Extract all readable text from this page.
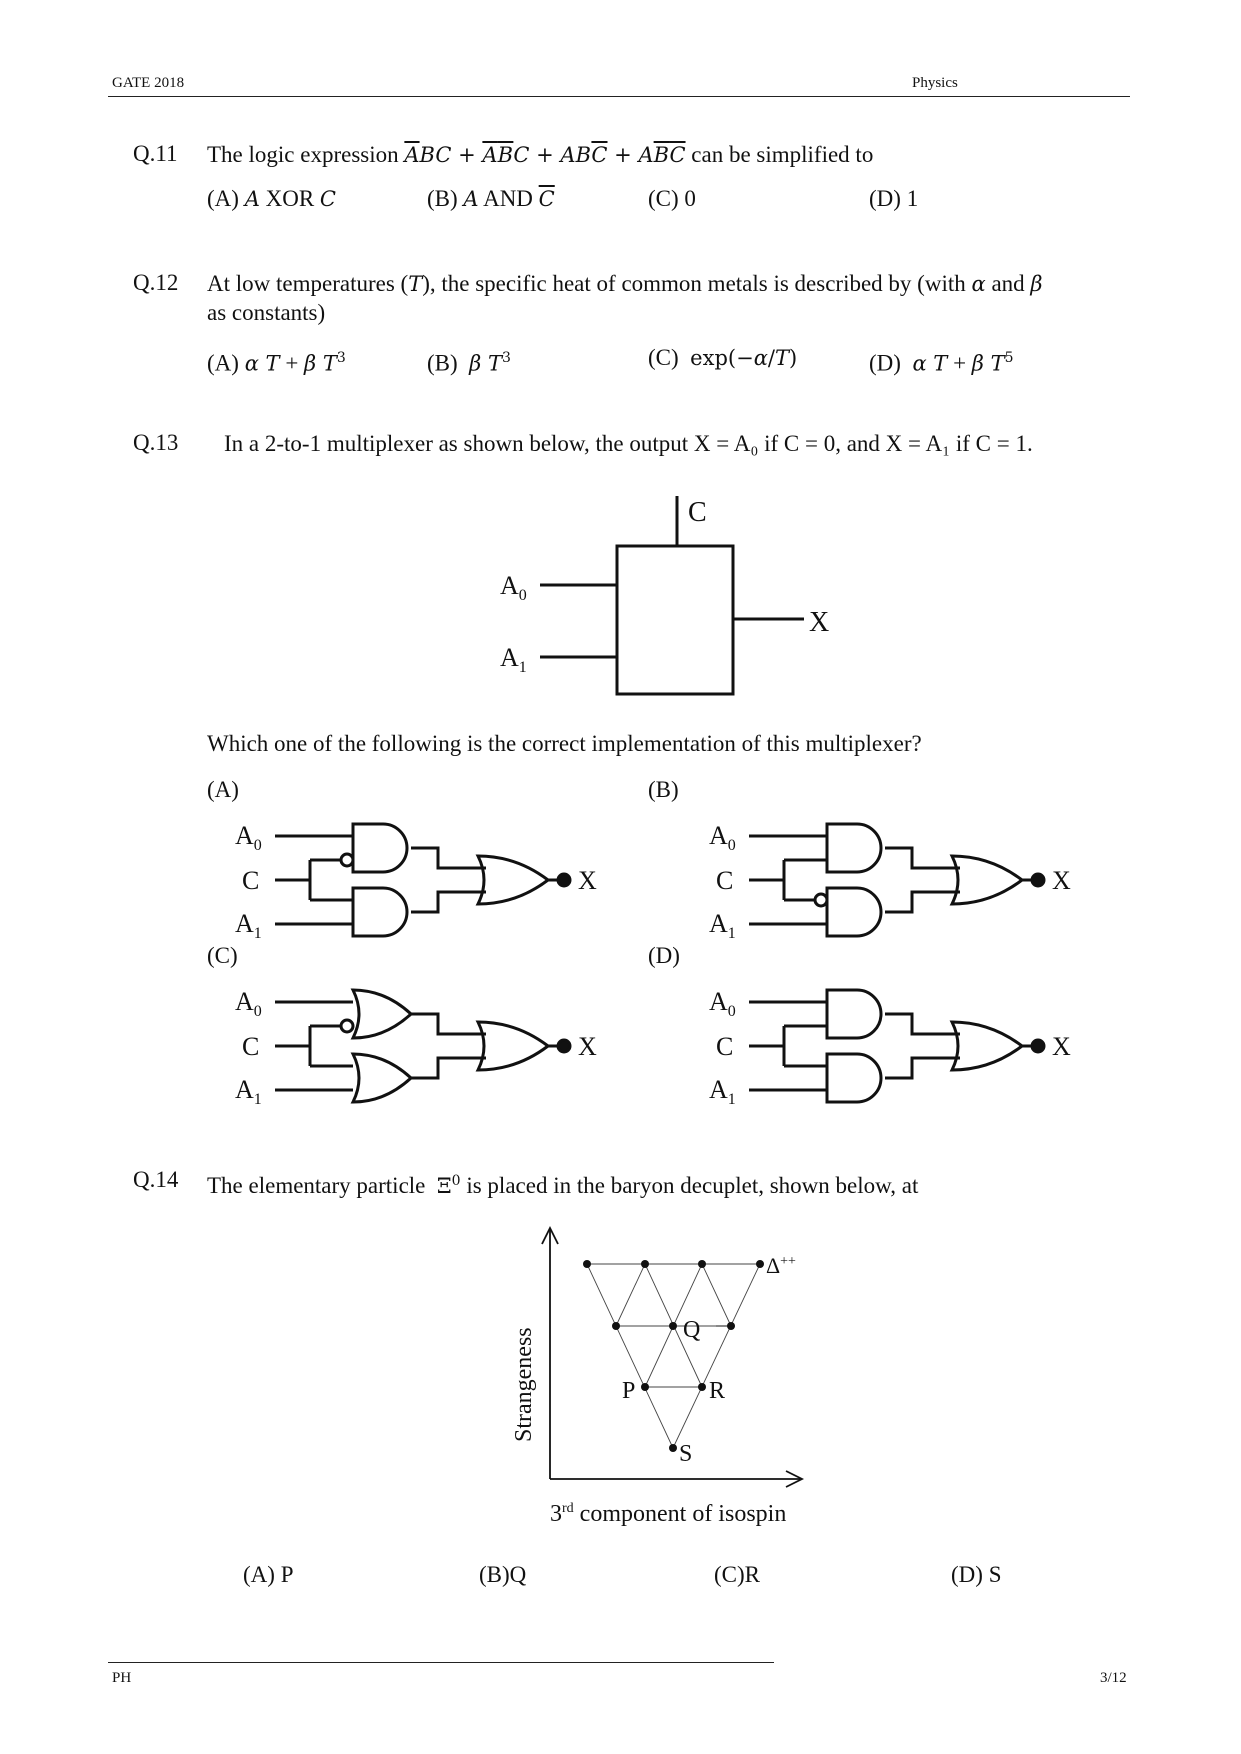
GATE 2018	Physics
Q.11 The logic expression $\overline{A}BC + \overline{A}\overline{B}C + AB\overline{C} + A\overline{B}\overline{C}$ can be simplified to
(A) A XOR C	(B) A AND $\overline{C}$	(C) 0	(D) 1
Q.12 At low temperatures (T), the specific heat of common metals is described by (with α and β
as constants)
(A) α T + β $T^3$	(B) β $T^3$	(C) exp(−α/T)	(D) α T + β $T^5$
Q.13 In a 2-to-1 multiplexer as shown below, the output X = A₀ if C = 0, and X = A₁ if C = 1.
C
$A_0$
$A_1$
X
Which one of the following is the correct implementation of this multiplexer?
(A)	(B)
(C)	(D)
$A_0$
C
$A_1$
X
$A_0$
C
$A_1$
X
$A_0$
C
$A_1$
X
$A_0$
C
$A_1$
X
Q.14 The elementary particle $\Xi^0$ is placed in the baryon decuplet, shown below, at
Δ++
Q
P	R
S
Strangeness
3rd component of isospin
(A) P	(B)Q	(C)R	(D) S
PH	3/12
